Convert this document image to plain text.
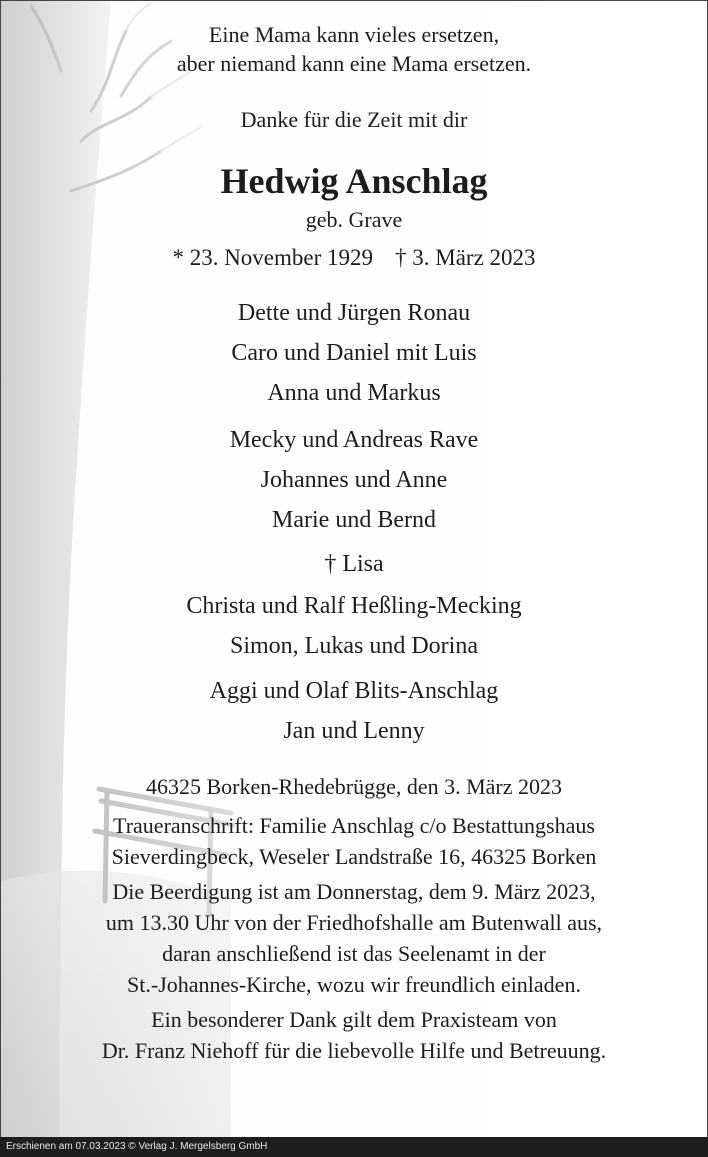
Eine Mama kann vieles ersetzen,
aber niemand kann eine Mama ersetzen.
Danke für die Zeit mit dir
Hedwig Anschlag
geb. Grave
* 23. November 1929 † 3. März 2023
Dette und Jürgen Ronau
Caro und Daniel mit Luis
Anna und Markus
Mecky und Andreas Rave
Johannes und Anne
Marie und Bernd
† Lisa
Christa und Ralf Heßling-Mecking
Simon, Lukas und Dorina
Aggi und Olaf Blits-Anschlag
Jan und Lenny
46325 Borken-Rhedebrügge, den 3. März 2023
Traueranschrift: Familie Anschlag c/o Bestattungshaus
Sieverdingbeck, Weseler Landstraße 16, 46325 Borken
Die Beerdigung ist am Donnerstag, dem 9. März 2023,
um 13.30 Uhr von der Friedhofshalle am Butenwall aus,
daran anschließend ist das Seelenamt in der
St.-Johannes-Kirche, wozu wir freundlich einladen.
Ein besonderer Dank gilt dem Praxisteam von
Dr. Franz Niehoff für die liebevolle Hilfe und Betreuung.
Erschienen am 07.03.2023 © Verlag J. Mergelsberg GmbH
